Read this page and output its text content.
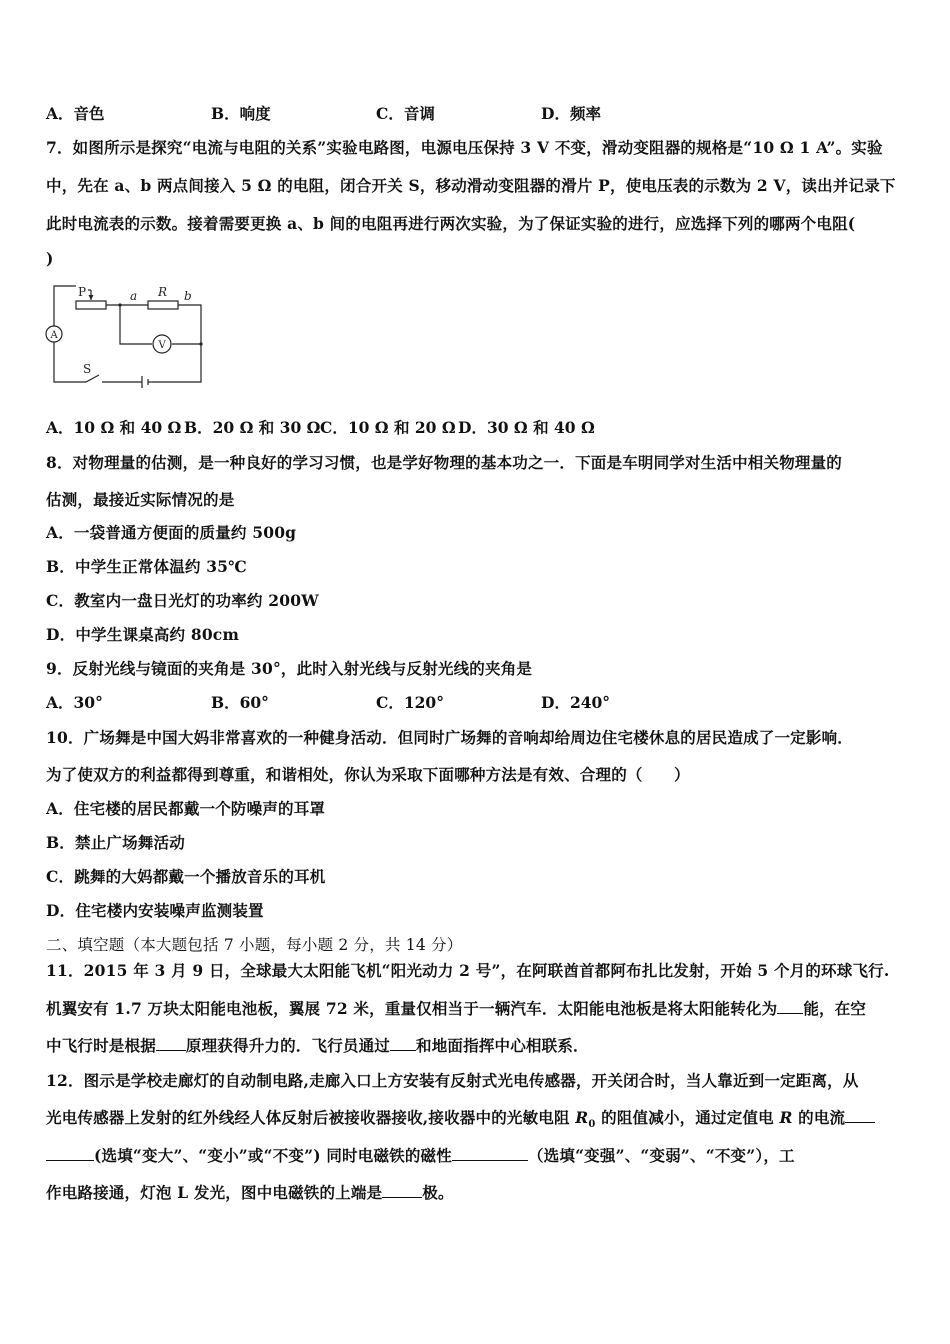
A．音色	B．响度	C．音调	D．频率
7．如图所示是探究“电流与电阻的关系”实验电路图，电源电压保持 3 V 不变，滑动变阻器的规格是“10 Ω 1 A”。实验
中，先在 a、b 两点间接入 5 Ω 的电阻，闭合开关 S，移动滑动变阻器的滑片 P，使电压表的示数为 2 V，读出并记录下
此时电流表的示数。接着需要更换 a、b 间的电阻再进行两次实验，为了保证实验的进行，应选择下列的哪两个电阻(
)
P	a R b
A
V
S
A．10 Ω 和 40 Ω B．20 Ω 和 30 Ω C．10 Ω 和 20 Ω D．30 Ω 和 40 Ω
8．对物理量的估测，是一种良好的学习习惯，也是学好物理的基本功之一．下面是车明同学对生活中相关物理量的
估测，最接近实际情况的是
A．一袋普通方便面的质量约 500g
B．中学生正常体温约 35℃
C．教室内一盘日光灯的功率约 200W
D．中学生课桌高约 80cm
9．反射光线与镜面的夹角是 30°，此时入射光线与反射光线的夹角是
A．30°	B．60°	C．120°	D．240°
10．广场舞是中国大妈非常喜欢的一种健身活动．但同时广场舞的音响却给周边住宅楼休息的居民造成了一定影响．
为了使双方的利益都得到尊重，和谐相处，你认为采取下面哪种方法是有效、合理的（　　）
A．住宅楼的居民都戴一个防噪声的耳罩
B．禁止广场舞活动
C．跳舞的大妈都戴一个播放音乐的耳机
D．住宅楼内安装噪声监测装置
二、填空题（本大题包括 7 小题，每小题 2 分，共 14 分）
11．2015 年 3 月 9 日，全球最大太阳能飞机“阳光动力 2 号”，在阿联酋首都阿布扎比发射，开始 5 个月的环球飞行.
机翼安有 1.7 万块太阳能电池板，翼展 72 米，重量仅相当于一辆汽车．太阳能电池板是将太阳能转化为 能，在空
中飞行时是根据 原理获得升力的．飞行员通过 和地面指挥中心相联系．
12．图示是学校走廊灯的自动制电路,走廊入口上方安装有反射式光电传感器，开关闭合时，当人靠近到一定距离，从
光电传感器上发射的红外线经人体反射后被接收器接收,接收器中的光敏电阻 $R_0$ 的阻值减小，通过定值电 R 的电流
(选填“变大”、“变小”或“不变”) 同时电磁铁的磁性	（选填“变强”、“变弱”、“不变”），工
作电路接通，灯泡 L 发光，图中电磁铁的上端是	极。
